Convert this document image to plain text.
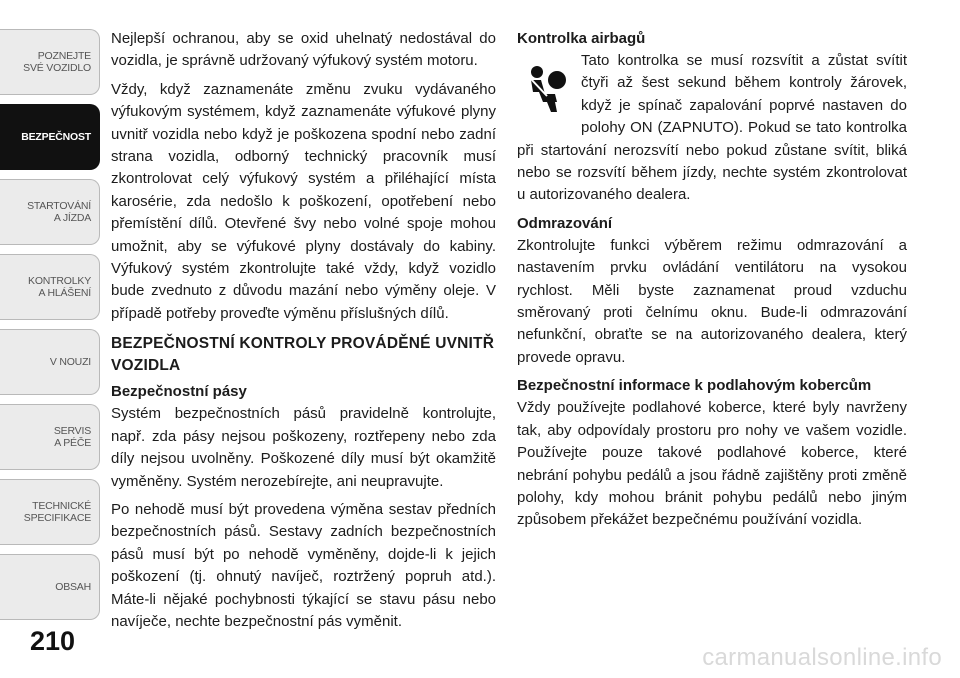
POZNEJTE
SVÉ VOZIDLO
BEZPEČNOST
STARTOVÁNÍ
A JÍZDA
KONTROLKY
A HLÁŠENÍ
V NOUZI
SERVIS
A PÉČE
TECHNICKÉ
SPECIFIKACE
OBSAH
210

Nejlepší ochranou, aby se oxid uhelnatý nedostával do vozidla, je správně udržovaný výfukový systém motoru.

Vždy, když zaznamenáte změnu zvuku vydávaného výfukovým systémem, když zaznamenáte výfukové plyny uvnitř vozidla nebo když je poškozena spodní nebo zadní strana vozidla, odborný technický pracovník musí zkontrolovat celý výfukový systém a přiléhající místa karosérie, zda nedošlo k poškození, opotřebení nebo přemístění dílů. Otevřené švy nebo volné spoje mohou umožnit, aby se výfukové plyny dostávaly do kabiny. Výfukový systém zkontrolujte také vždy, když vozidlo bude zvednuto z důvodu mazání nebo výměny oleje. V případě potřeby proveďte výměnu příslušných dílů.

BEZPEČNOSTNÍ KONTROLY PROVÁDĚNÉ UVNITŘ VOZIDLA
Bezpečnostní pásy

Systém bezpečnostních pásů pravidelně kontrolujte, např. zda pásy nejsou poškozeny, roztřepeny nebo zda díly nejsou uvolněny. Poškozené díly musí být okamžitě vyměněny. Systém nerozebírejte, ani neupravujte.

Po nehodě musí být provedena výměna sestav předních bezpečnostních pásů. Sestavy zadních bezpečnostních pásů musí být po nehodě vyměněny, dojde-li k jejich poškození (tj. ohnutý navíječ, roztržený popruh atd.). Máte-li nějaké pochybnosti týkající se stavu pásu nebo navíječe, nechte bezpečnostní pás vyměnit.

Kontrolka airbagů

Tato kontrolka se musí rozsvítit a zůstat svítit čtyři až šest sekund během kontroly žárovek, když je spínač zapalování poprvé nastaven do polohy ON (ZAPNUTO). Pokud se tato kontrolka při startování nerozsvítí nebo pokud zůstane svítit, bliká nebo se rozsvítí během jízdy, nechte systém zkontrolovat u autorizovaného dealera.

Odmrazování

Zkontrolujte funkci výběrem režimu odmrazování a nastavením prvku ovládání ventilátoru na vysokou rychlost. Měli byste zaznamenat proud vzduchu směrovaný proti čelnímu oknu. Bude-li odmrazování nefunkční, obraťte se na autorizovaného dealera, který provede opravu.

Bezpečnostní informace k podlahovým kobercům

Vždy používejte podlahové koberce, které byly navrženy tak, aby odpovídaly prostoru pro nohy ve vašem vozidle. Používejte pouze takové podlahové koberce, které nebrání pohybu pedálů a jsou řádně zajištěny proti změně polohy, kdy mohou bránit pohybu pedálů nebo jiným způsobem překážet bezpečnému používání vozidla.

carmanualsonline.info
